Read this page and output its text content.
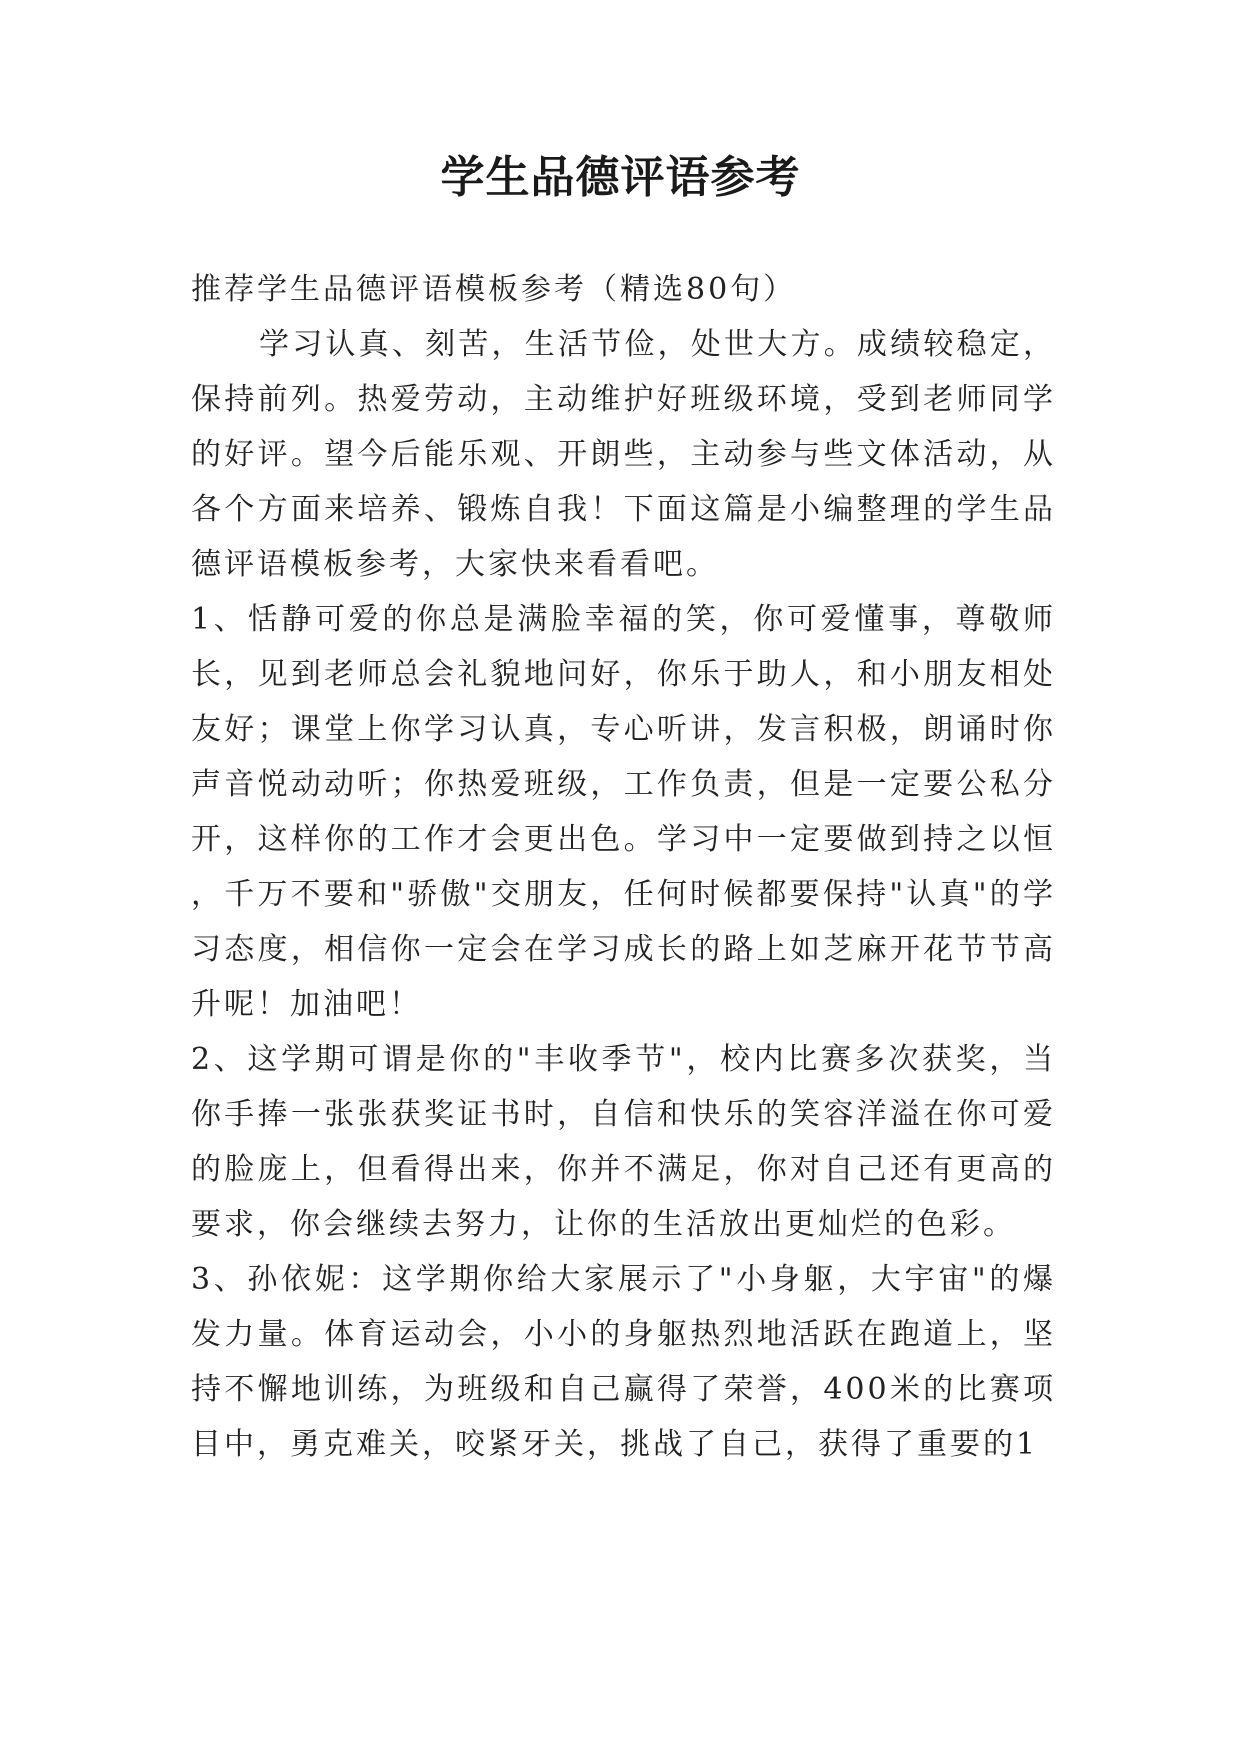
学生品德评语参考

推荐学生品德评语模板参考（精选80句）

学习认真、刻苦，生活节俭，处世大方。成绩较稳定，保持前列。热爱劳动，主动维护好班级环境，受到老师同学的好评。望今后能乐观、开朗些，主动参与些文体活动，从各个方面来培养、锻炼自我！下面这篇是小编整理的学生品德评语模板参考，大家快来看看吧。

1、恬静可爱的你总是满脸幸福的笑，你可爱懂事，尊敬师长，见到老师总会礼貌地问好，你乐于助人，和小朋友相处友好；课堂上你学习认真，专心听讲，发言积极，朗诵时你声音悦动动听；你热爱班级，工作负责，但是一定要公私分开，这样你的工作才会更出色。学习中一定要做到持之以恒，千万不要和"骄傲"交朋友，任何时候都要保持"认真"的学习态度，相信你一定会在学习成长的路上如芝麻开花节节高升呢！加油吧！

2、这学期可谓是你的"丰收季节"，校内比赛多次获奖，当你手捧一张张获奖证书时，自信和快乐的笑容洋溢在你可爱的脸庞上，但看得出来，你并不满足，你对自己还有更高的要求，你会继续去努力，让你的生活放出更灿烂的色彩。

3、孙依妮：这学期你给大家展示了"小身躯，大宇宙"的爆发力量。体育运动会，小小的身躯热烈地活跃在跑道上，坚持不懈地训练，为班级和自己赢得了荣誉，400米的比赛项目中，勇克难关，咬紧牙关，挑战了自己，获得了重要的1
